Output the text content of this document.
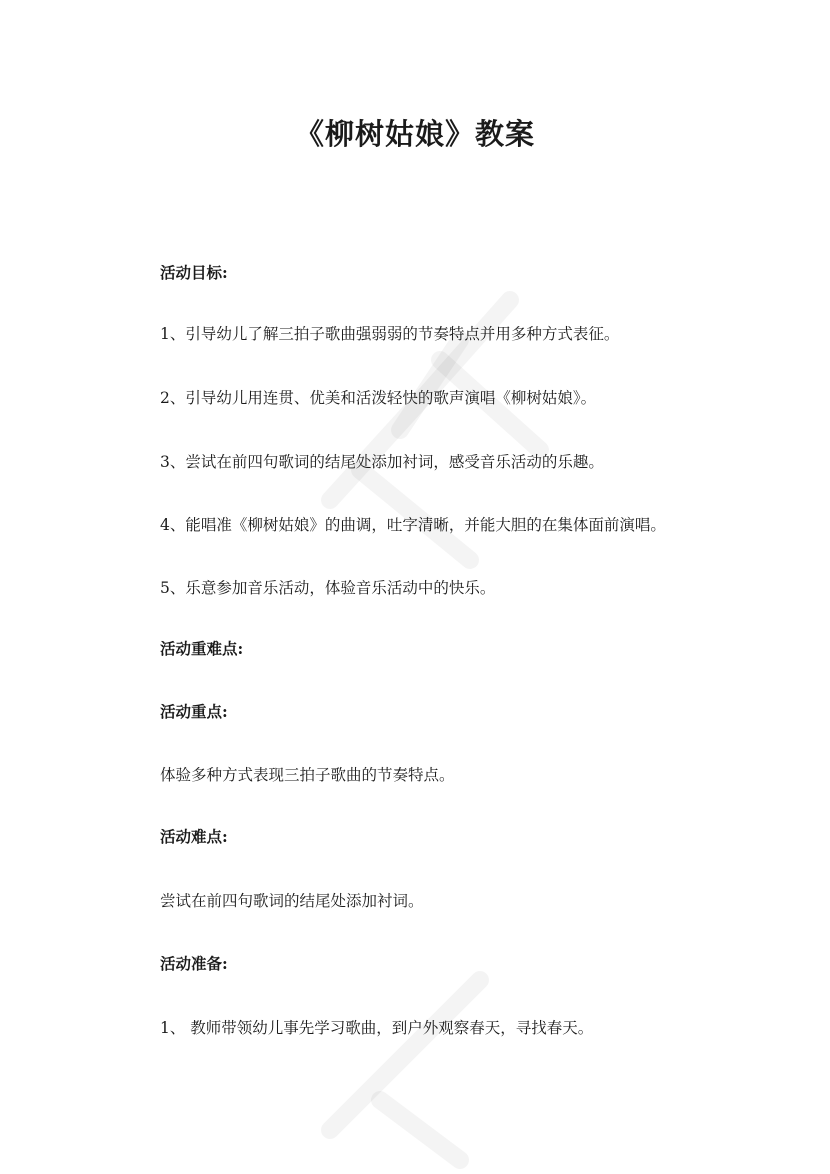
《柳树姑娘》教案

活动目标:

1、引导幼儿了解三拍子歌曲强弱弱的节奏特点并用多种方式表征。

2、引导幼儿用连贯、优美和活泼轻快的歌声演唱《柳树姑娘》。

3、尝试在前四句歌词的结尾处添加衬词，感受音乐活动的乐趣。

4、能唱准《柳树姑娘》的曲调，吐字清晰，并能大胆的在集体面前演唱。

5、乐意参加音乐活动，体验音乐活动中的快乐。

活动重难点:

活动重点:

体验多种方式表现三拍子歌曲的节奏特点。

活动难点:

尝试在前四句歌词的结尾处添加衬词。

活动准备:

1、 教师带领幼儿事先学习歌曲，到户外观察春天，寻找春天。
